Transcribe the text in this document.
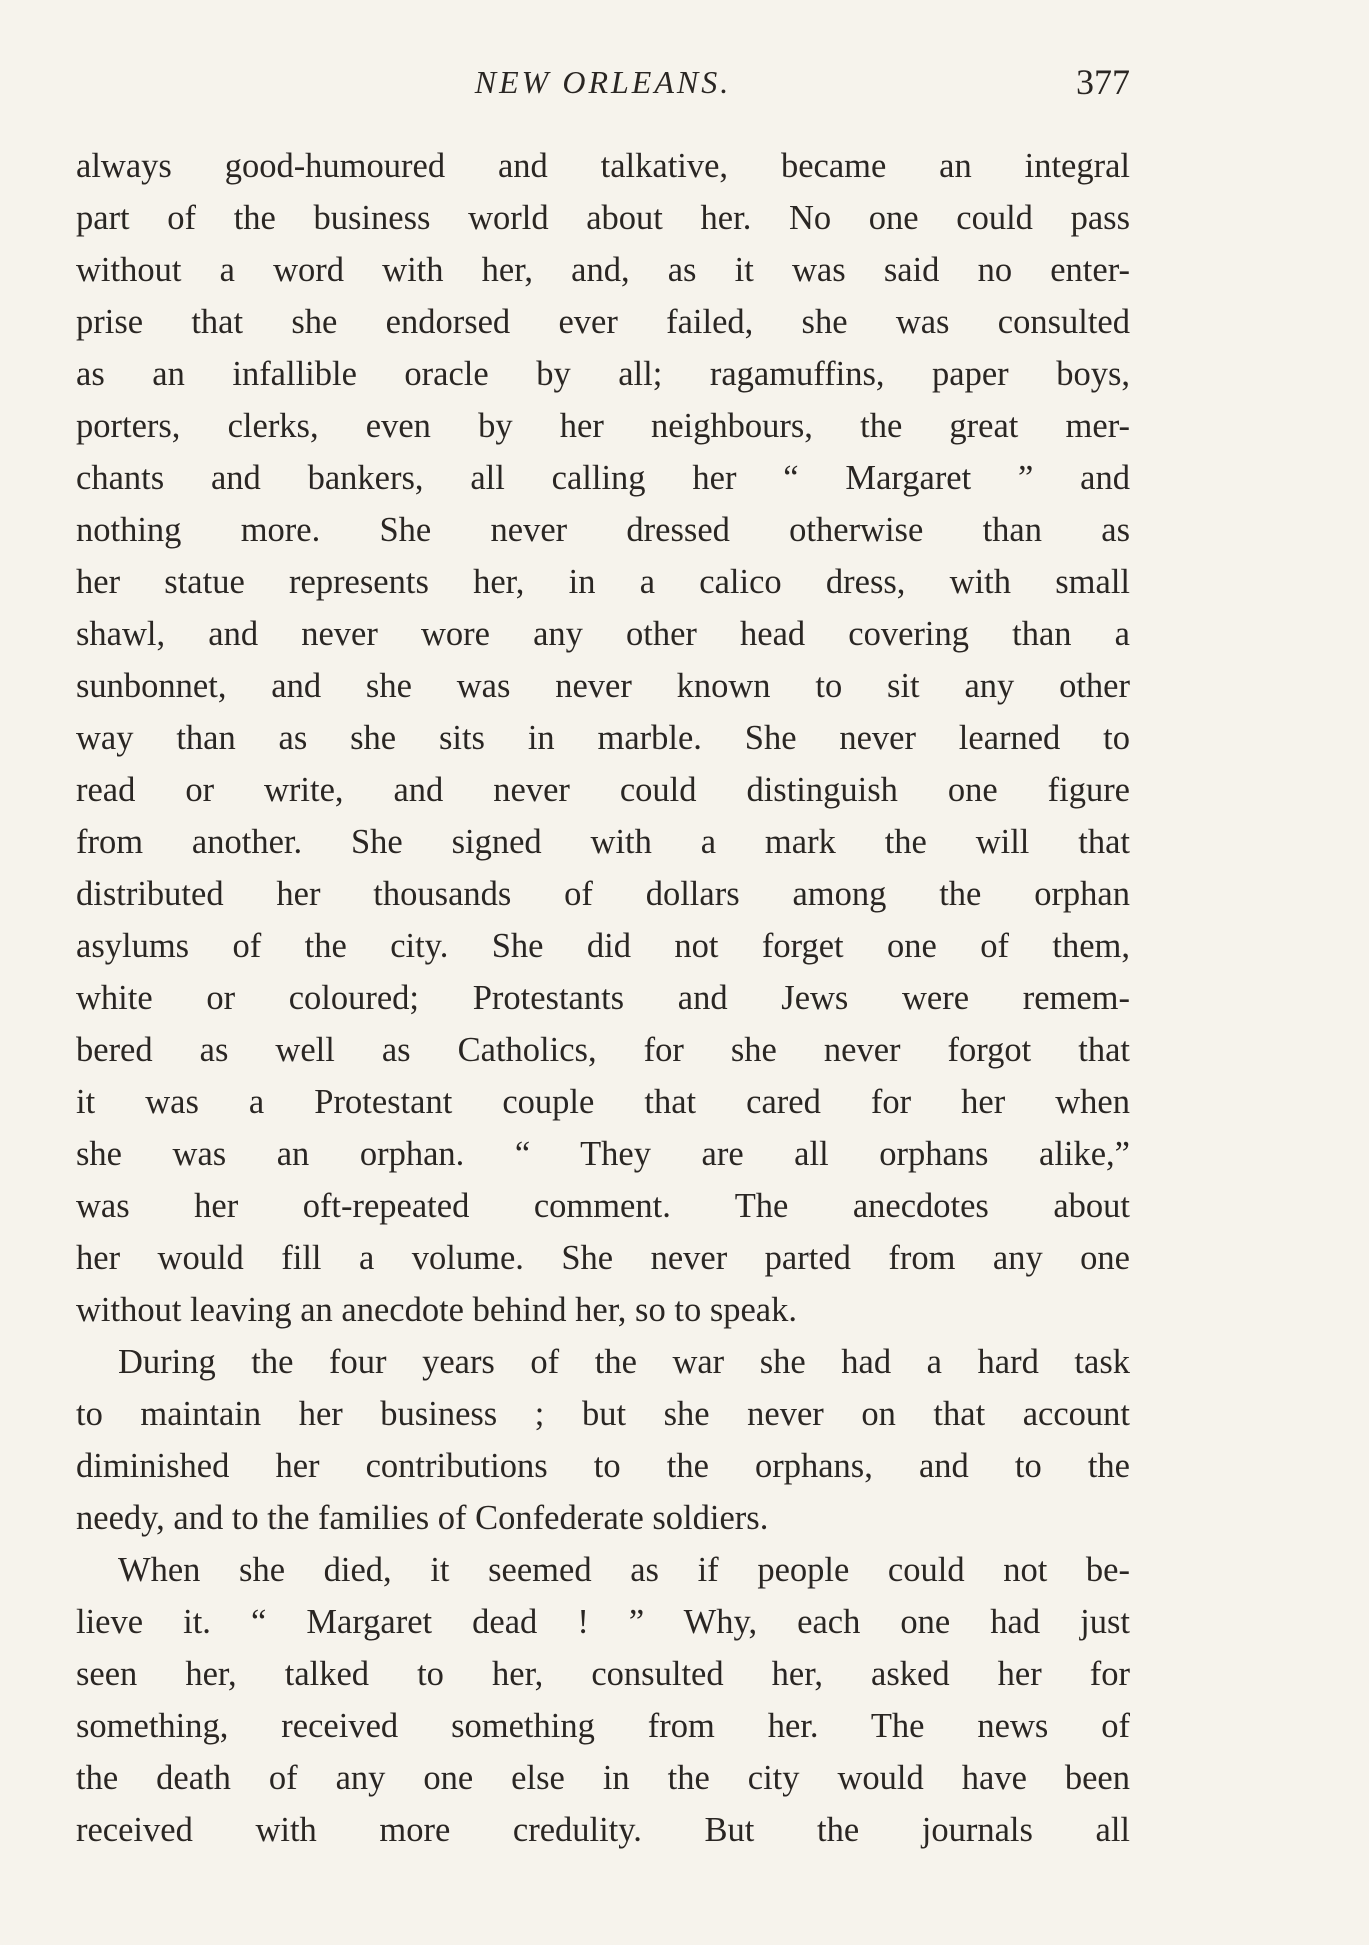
NEW ORLEANS.	377
always good-humoured and talkative, became an integral
part of the business world about her. No one could pass
without a word with her, and, as it was said no enter-
prise that she endorsed ever failed, she was consulted
as an infallible oracle by all; ragamuffins, paper boys,
porters, clerks, even by her neighbours, the great mer-
chants and bankers, all calling her “ Margaret ” and
nothing more. She never dressed otherwise than as
her statue represents her, in a calico dress, with small
shawl, and never wore any other head covering than a
sunbonnet, and she was never known to sit any other
way than as she sits in marble. She never learned to
read or write, and never could distinguish one figure
from another. She signed with a mark the will that
distributed her thousands of dollars among the orphan
asylums of the city. She did not forget one of them,
white or coloured; Protestants and Jews were remem-
bered as well as Catholics, for she never forgot that
it was a Protestant couple that cared for her when
she was an orphan. “ They are all orphans alike,”
was her oft-repeated comment. The anecdotes about
her would fill a volume. She never parted from any one
without leaving an anecdote behind her, so to speak.
During the four years of the war she had a hard task
to maintain her business ; but she never on that account
diminished her contributions to the orphans, and to the
needy, and to the families of Confederate soldiers.
When she died, it seemed as if people could not be-
lieve it. “ Margaret dead ! ” Why, each one had just
seen her, talked to her, consulted her, asked her for
something, received something from her. The news of
the death of any one else in the city would have been
received with more credulity. But the journals all
